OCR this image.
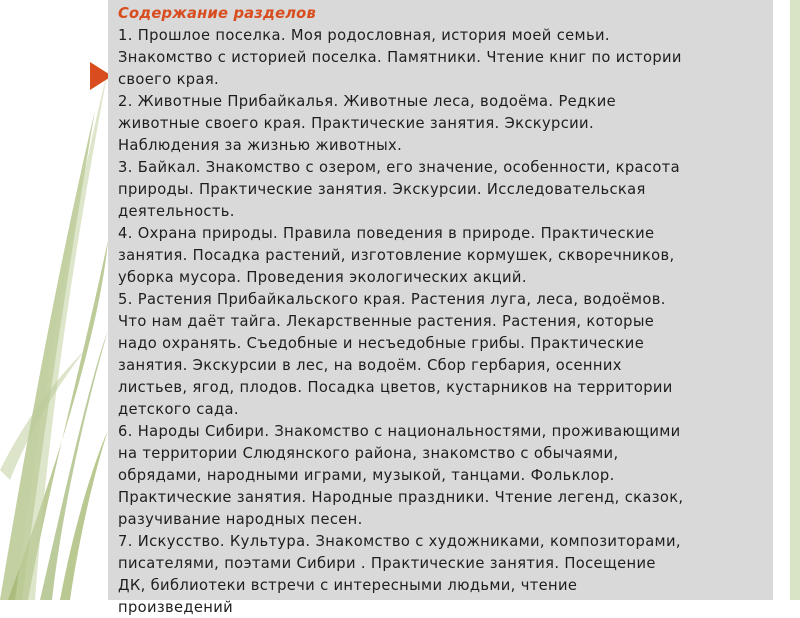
Содержание разделов
1. Прошлое поселка. Моя родословная, история моей семьи.
Знакомство с историей поселка. Памятники. Чтение книг по истории
своего края.
2. Животные Прибайкалья. Животные леса, водоёма. Редкие
животные своего края. Практические занятия. Экскурсии.
Наблюдения за жизнью животных.
3. Байкал. Знакомство с озером, его значение, особенности, красота
природы. Практические занятия. Экскурсии. Исследовательская
деятельность.
4. Охрана природы. Правила поведения в природе. Практические
занятия. Посадка растений, изготовление кормушек, скворечников,
уборка мусора. Проведения экологических акций.
5. Растения Прибайкальского края. Растения луга, леса, водоёмов.
Что нам даёт тайга. Лекарственные растения. Растения, которые
надо охранять. Съедобные и несъедобные грибы. Практические
занятия. Экскурсии в лес, на водоём. Сбор гербария, осенних
листьев, ягод, плодов. Посадка цветов, кустарников на территории
детского сада.
6. Народы Сибири. Знакомство с национальностями, проживающими
на территории Слюдянского района, знакомство с обычаями,
обрядами, народными играми, музыкой, танцами. Фольклор.
Практические занятия. Народные праздники. Чтение легенд, сказок,
разучивание народных песен.
7. Искусство. Культура. Знакомство с художниками, композиторами,
писателями, поэтами Сибири . Практические занятия. Посещение
ДК, библиотеки встречи с интересными людьми, чтение
произведений
